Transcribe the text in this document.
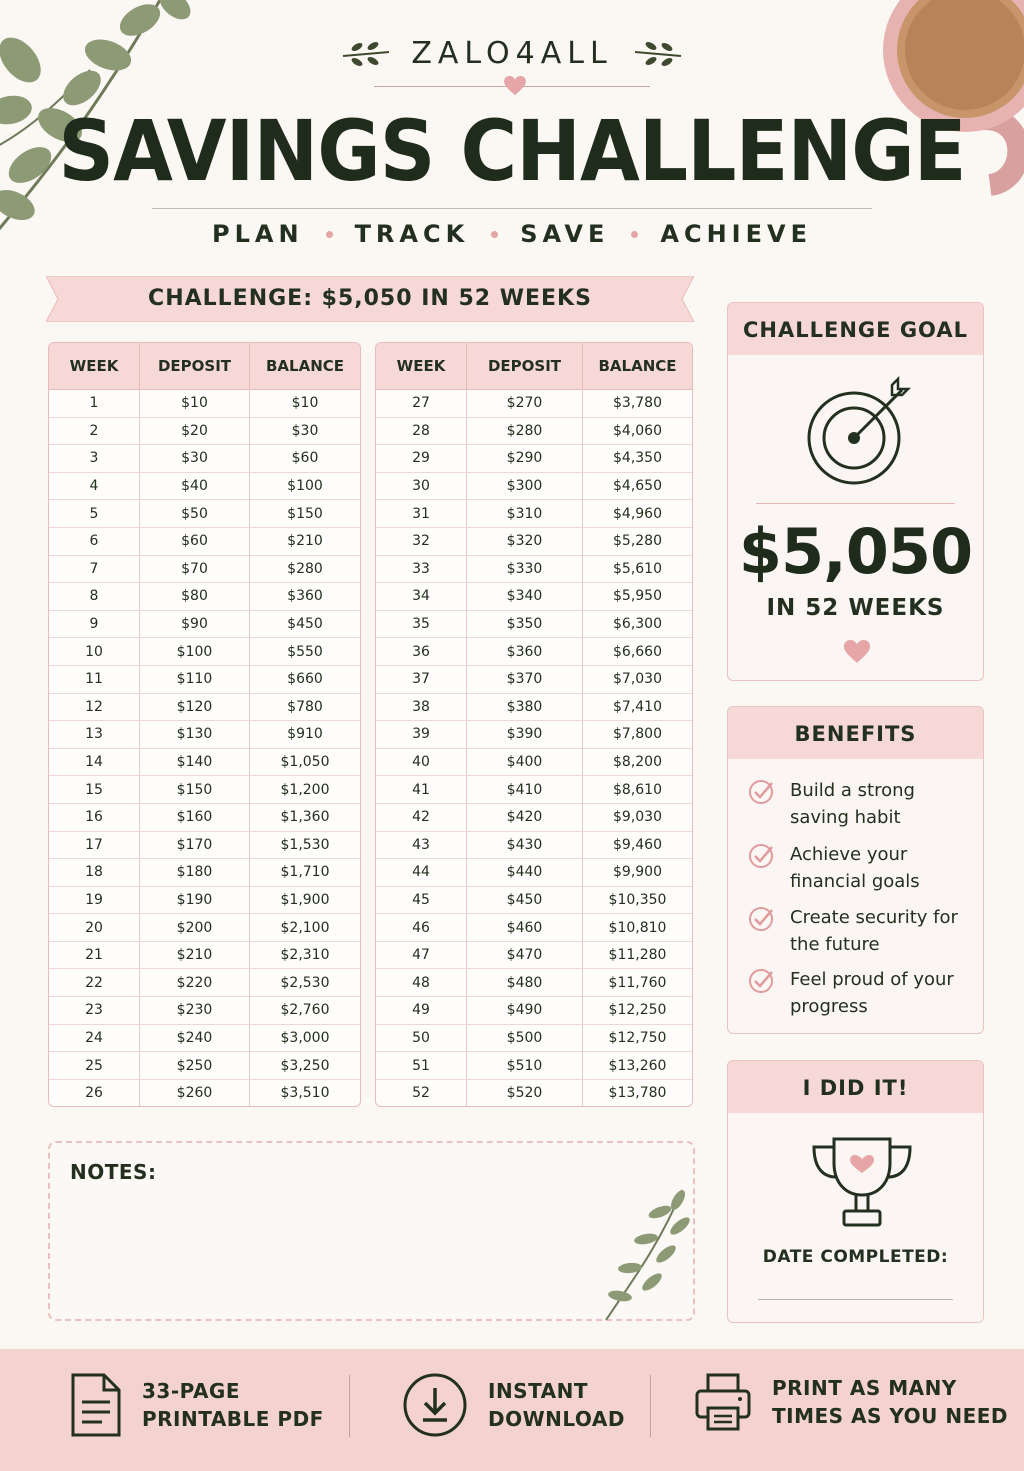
ZALO4ALL
SAVINGS CHALLENGE
PLAN TRACK SAVE ACHIEVE
CHALLENGE: $5,050 IN 52 WEEKS
WEEK	DEPOSIT	BALANCE
1	$10	$10
2	$20	$30
3	$30	$60
4	$40	$100
5	$50	$150
6	$60	$210
7	$70	$280
8	$80	$360
9	$90	$450
10	$100	$550
11	$110	$660
12	$120	$780
13	$130	$910
14	$140	$1,050
15	$150	$1,200
16	$160	$1,360
17	$170	$1,530
18	$180	$1,710
19	$190	$1,900
20	$200	$2,100
21	$210	$2,310
22	$220	$2,530
23	$230	$2,760
24	$240	$3,000
25	$250	$3,250
26	$260	$3,510
WEEK	DEPOSIT	BALANCE
27	$270	$3,780
28	$280	$4,060
29	$290	$4,350
30	$300	$4,650
31	$310	$4,960
32	$320	$5,280
33	$330	$5,610
34	$340	$5,950
35	$350	$6,300
36	$360	$6,660
37	$370	$7,030
38	$380	$7,410
39	$390	$7,800
40	$400	$8,200
41	$410	$8,610
42	$420	$9,030
43	$430	$9,460
44	$440	$9,900
45	$450	$10,350
46	$460	$10,810
47	$470	$11,280
48	$480	$11,760
49	$490	$12,250
50	$500	$12,750
51	$510	$13,260
52	$520	$13,780
CHALLENGE GOAL
$5,050
IN 52 WEEKS
BENEFITS
Build a strong saving habit
Achieve your financial goals
Create security for the future
Feel proud of your progress
I DID IT!
DATE COMPLETED:
NOTES:
33-PAGE
PRINTABLE PDF
INSTANT
DOWNLOAD
PRINT AS MANY
TIMES AS YOU NEED
